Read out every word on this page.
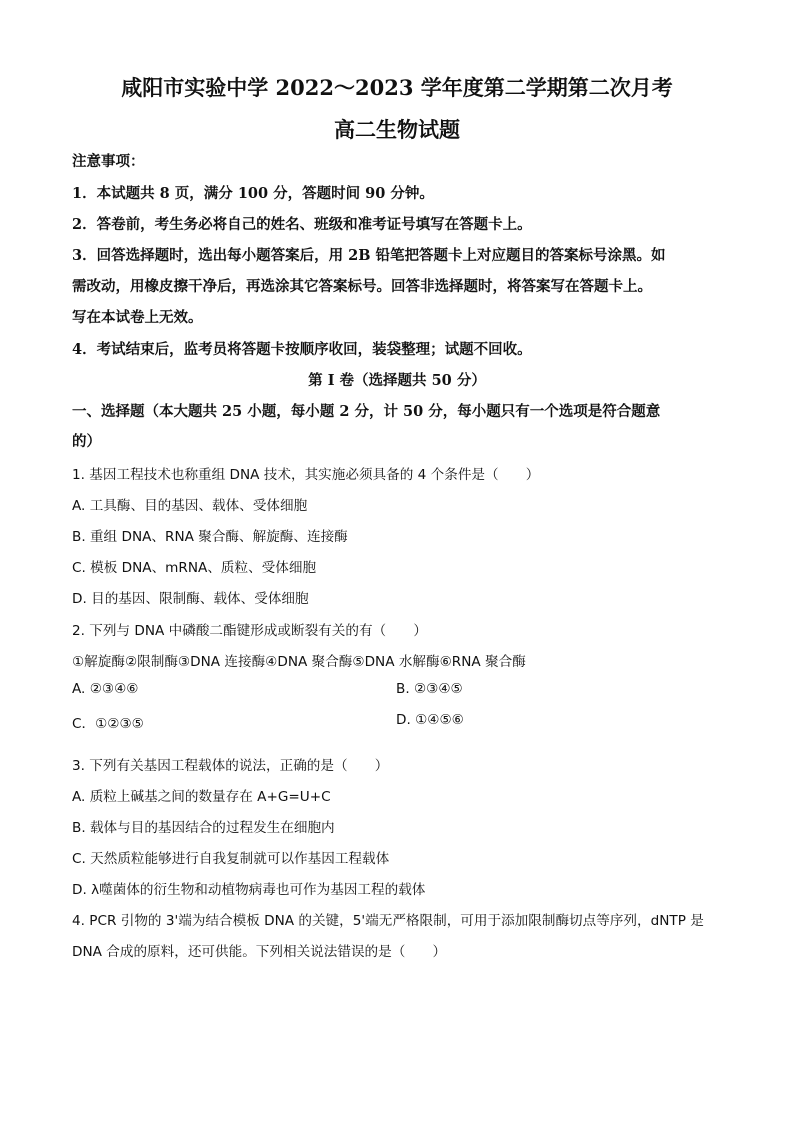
咸阳市实验中学 2022～2023 学年度第二学期第二次月考
高二生物试题
注意事项：
1．本试题共 8 页，满分 100 分，答题时间 90 分钟。
2．答卷前，考生务必将自己的姓名、班级和准考证号填写在答题卡上。
3．回答选择题时，选出每小题答案后，用 2B 铅笔把答题卡上对应题目的答案标号涂黑。如
需改动，用橡皮擦干净后，再选涂其它答案标号。回答非选择题时，将答案写在答题卡上。
写在本试卷上无效。
4．考试结束后，监考员将答题卡按顺序收回，装袋整理；试题不回收。
第 I 卷（选择题共 50 分）
一、选择题（本大题共 25 小题，每小题 2 分，计 50 分，每小题只有一个选项是符合题意
的）
1. 基因工程技术也称重组 DNA 技术，其实施必须具备的 4 个条件是（　　）
A. 工具酶、目的基因、载体、受体细胞
B. 重组 DNA、RNA 聚合酶、解旋酶、连接酶
C. 模板 DNA、mRNA、质粒、受体细胞
D. 目的基因、限制酶、载体、受体细胞
2. 下列与 DNA 中磷酸二酯键形成或断裂有关的有（　　）
①解旋酶②限制酶③DNA 连接酶④DNA 聚合酶⑤DNA 水解酶⑥RNA 聚合酶
A. ②③④⑥	B. ②③④⑤
C．①②③⑤	D. ①④⑤⑥
3. 下列有关基因工程载体的说法，正确的是（　　）
A. 质粒上碱基之间的数量存在 A+G=U+C
B. 载体与目的基因结合的过程发生在细胞内
C. 天然质粒能够进行自我复制就可以作基因工程载体
D. λ噬菌体的衍生物和动植物病毒也可作为基因工程的载体
4. PCR 引物的 3'端为结合模板 DNA 的关键，5'端无严格限制，可用于添加限制酶切点等序列，dNTP 是
DNA 合成的原料，还可供能。下列相关说法错误的是（　　）
